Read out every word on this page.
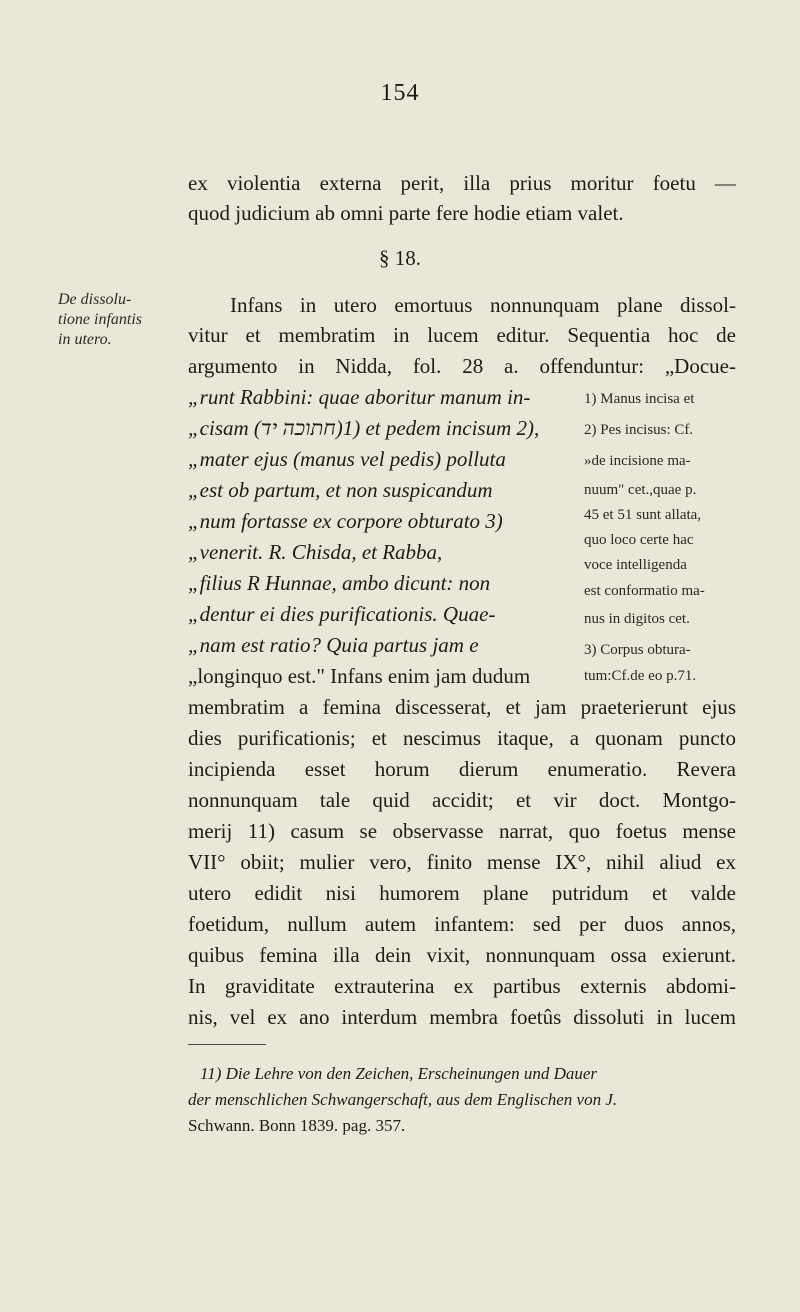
154
ex violentia externa perit, illa prius moritur foetu —
quod judicium ab omni parte fere hodie etiam valet.
§ 18.
De dissolu-
tione infantis
in utero.
Infans in utero emortuus nonnunquam plane dissol-
vitur et membratim in lucem editur. Sequentia hoc de
argumento in Nidda, fol. 28 a. offenduntur: „Docue-
„runt Rabbini: quae aboritur manum in-
„cisam (חתוכה יד)1) et pedem incisum 2),
„mater ejus (manus vel pedis) polluta
„est ob partum, et non suspicandum
„num fortasse ex corpore obturato 3)
„venerit. R. Chisda, et Rabba,
„filius R Hunnae, ambo dicunt: non
„dentur ei dies purificationis. Quae-
„nam est ratio? Quia partus jam e
„longinquo est." Infans enim jam dudum
1) Manus incisa et
2) Pes incisus: Cf.
»de incisione ma-
nuum" cet.,quae p.
45 et 51 sunt allata,
quo loco certe hac
voce intelligenda
est conformatio ma-
nus in digitos cet.
3) Corpus obtura-
tum:Cf.de eo p.71.
membratim a femina discesserat, et jam praeterierunt ejus
dies purificationis; et nescimus itaque, a quonam puncto
incipienda esset horum dierum enumeratio. Revera
nonnunquam tale quid accidit; et vir doct. Montgo-
merij 11) casum se observasse narrat, quo foetus mense
VII° obiit; mulier vero, finito mense IX°, nihil aliud ex
utero edidit nisi humorem plane putridum et valde
foetidum, nullum autem infantem: sed per duos annos,
quibus femina illa dein vixit, nonnunquam ossa exierunt.
In graviditate extrauterina ex partibus externis abdomi-
nis, vel ex ano interdum membra foetûs dissoluti in lucem
11) Die Lehre von den Zeichen, Erscheinungen und Dauer
der menschlichen Schwangerschaft, aus dem Englischen von J.
Schwann. Bonn 1839. pag. 357.
